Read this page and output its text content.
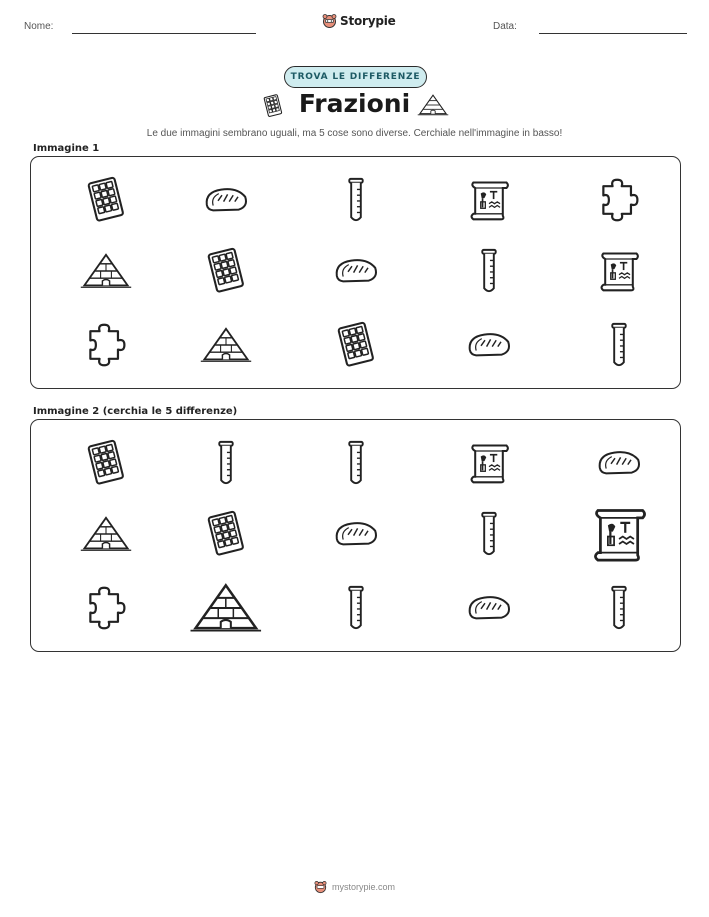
Nome:	Data:
Storypie
TROVA LE DIFFERENZE
Frazioni
Le due immagini sembrano uguali, ma 5 cose sono diverse. Cerchiale nell'immagine in basso!
Immagine 1
Immagine 2 (cerchia le 5 differenze)
mystorypie.com
